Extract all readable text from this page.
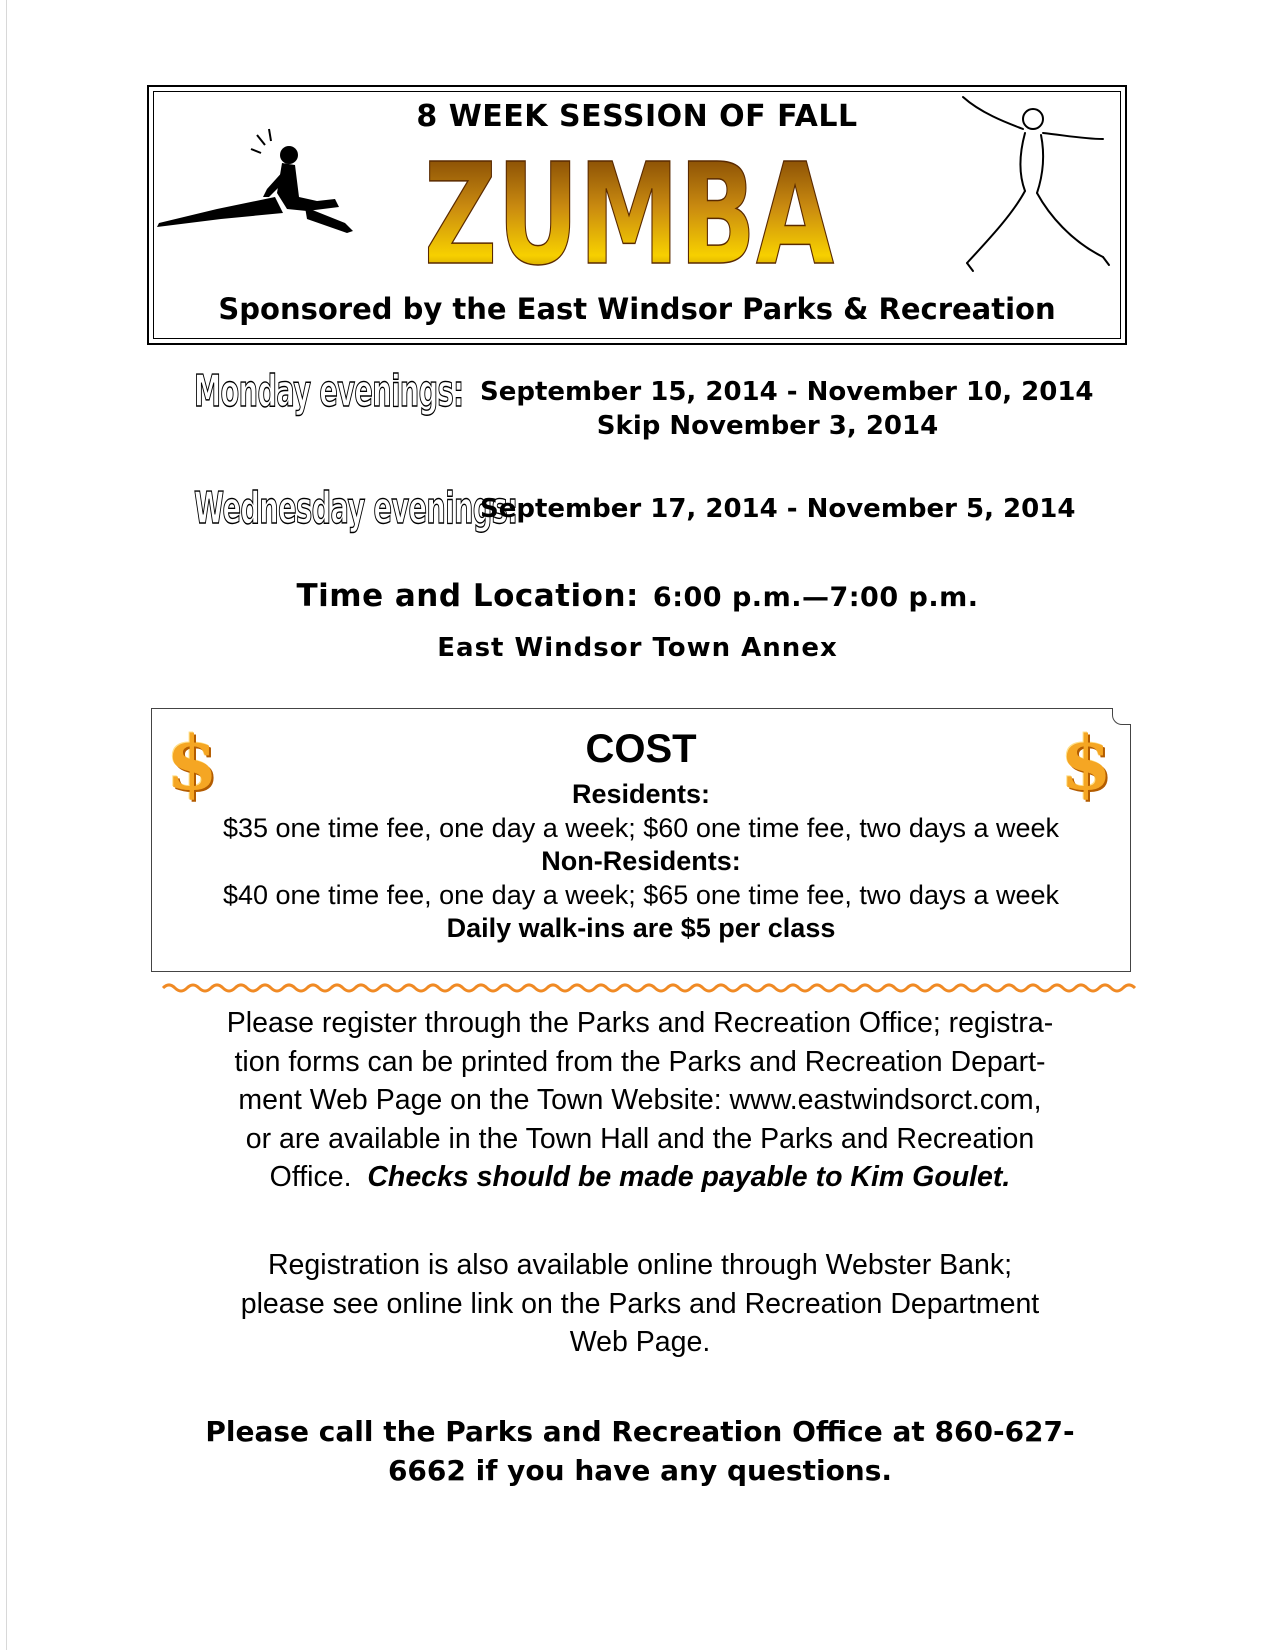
8 WEEK SESSION OF FALL
ZUMBA
Sponsored by the East Windsor Parks & Recreation
Monday evenings: September 15, 2014 - November 10, 2014
Skip November 3, 2014
Wednesday evenings:
September 17, 2014 - November 5, 2014
Time and Location: 6:00 p.m.—7:00 p.m.
East Windsor Town Annex
$	$
COST
Residents:
$35 one time fee, one day a week; $60 one time fee, two days a week
Non-Residents:
$40 one time fee, one day a week; $65 one time fee, two days a week
Daily walk-ins are $5 per class
Please register through the Parks and Recreation Office; registra-
tion forms can be printed from the Parks and Recreation Depart-
ment Web Page on the Town Website: www.eastwindsorct.com,
or are available in the Town Hall and the Parks and Recreation
Office.  Checks should be made payable to Kim Goulet.
Registration is also available online through Webster Bank;
please see online link on the Parks and Recreation Department
Web Page.
Please call the Parks and Recreation Office at 860-627-
6662 if you have any questions.
